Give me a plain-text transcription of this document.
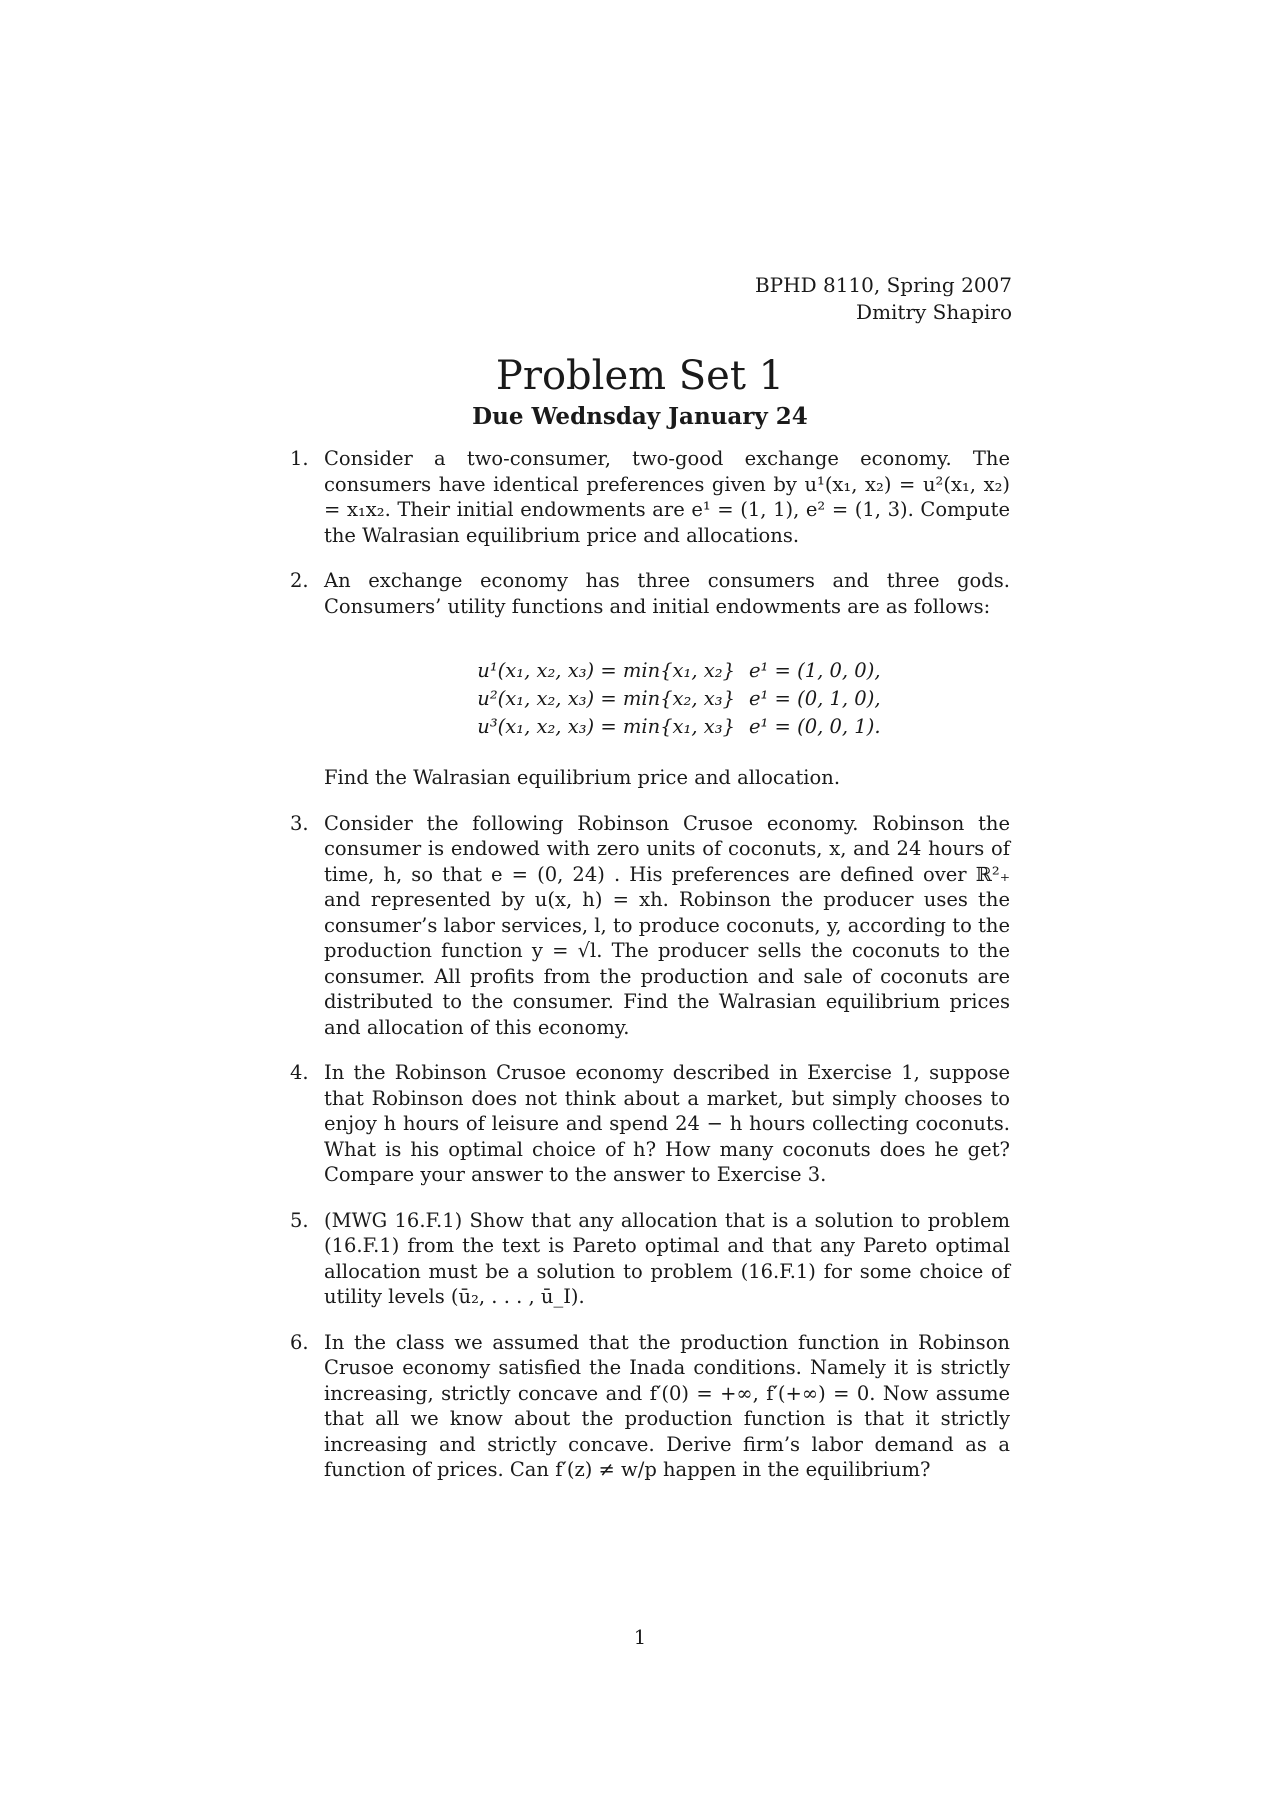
BPHD 8110, Spring 2007
Dmitry Shapiro
Problem Set 1
Due Wednsday January 24
1. Consider a two-consumer, two-good exchange economy. The consumers have identical preferences given by u¹(x₁, x₂) = u²(x₁, x₂) = x₁x₂. Their initial endowments are e¹ = (1, 1), e² = (1, 3). Compute the Walrasian equilibrium price and allocations.

2. An exchange economy has three consumers and three gods. Consumers’ utility functions and initial endowments are as follows:

u¹(x₁, x₂, x₃) = min{x₁, x₂} e¹ = (1, 0, 0),
u²(x₁, x₂, x₃) = min{x₂, x₃} e¹ = (0, 1, 0),
u³(x₁, x₂, x₃) = min{x₁, x₃} e¹ = (0, 0, 1).

Find the Walrasian equilibrium price and allocation.

3. Consider the following Robinson Crusoe economy. Robinson the consumer is endowed with zero units of coconuts, x, and 24 hours of time, h, so that e = (0, 24) . His preferences are defined over ℝ²₊ and represented by u(x, h) = xh. Robinson the producer uses the consumer’s labor services, l, to produce coconuts, y, according to the production function y = √l. The producer sells the coconuts to the consumer. All profits from the production and sale of coconuts are distributed to the consumer. Find the Walrasian equilibrium prices and allocation of this economy.

4. In the Robinson Crusoe economy described in Exercise 1, suppose that Robinson does not think about a market, but simply chooses to enjoy h hours of leisure and spend 24 − h hours collecting coconuts. What is his optimal choice of h? How many coconuts does he get? Compare your answer to the answer to Exercise 3.

5. (MWG 16.F.1) Show that any allocation that is a solution to problem (16.F.1) from the text is Pareto optimal and that any Pareto optimal allocation must be a solution to problem (16.F.1) for some choice of utility levels (ū₂, . . . , ū_I).

6. In the class we assumed that the production function in Robinson Crusoe economy satisfied the Inada conditions. Namely it is strictly increasing, strictly concave and f′(0) = +∞, f′(+∞) = 0. Now assume that all we know about the production function is that it strictly increasing and strictly concave. Derive firm’s labor demand as a function of prices. Can f′(z) ≠ w/p happen in the equilibrium?

1
